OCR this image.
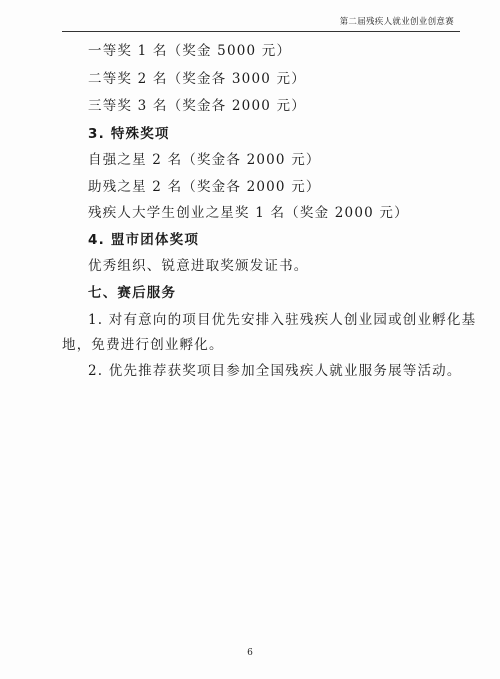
第二届残疾人就业创业创意赛
一等奖 1 名（奖金 5000 元）
二等奖 2 名（奖金各 3000 元）
三等奖 3 名（奖金各 2000 元）
3. 特殊奖项
自强之星 2 名（奖金各 2000 元）
助残之星 2 名（奖金各 2000 元）
残疾人大学生创业之星奖 1 名（奖金 2000 元）
4. 盟市团体奖项
优秀组织、锐意进取奖颁发证书。
七、赛后服务
1. 对有意向的项目优先安排入驻残疾人创业园或创业孵化基
地，免费进行创业孵化。
2. 优先推荐获奖项目参加全国残疾人就业服务展等活动。
6
